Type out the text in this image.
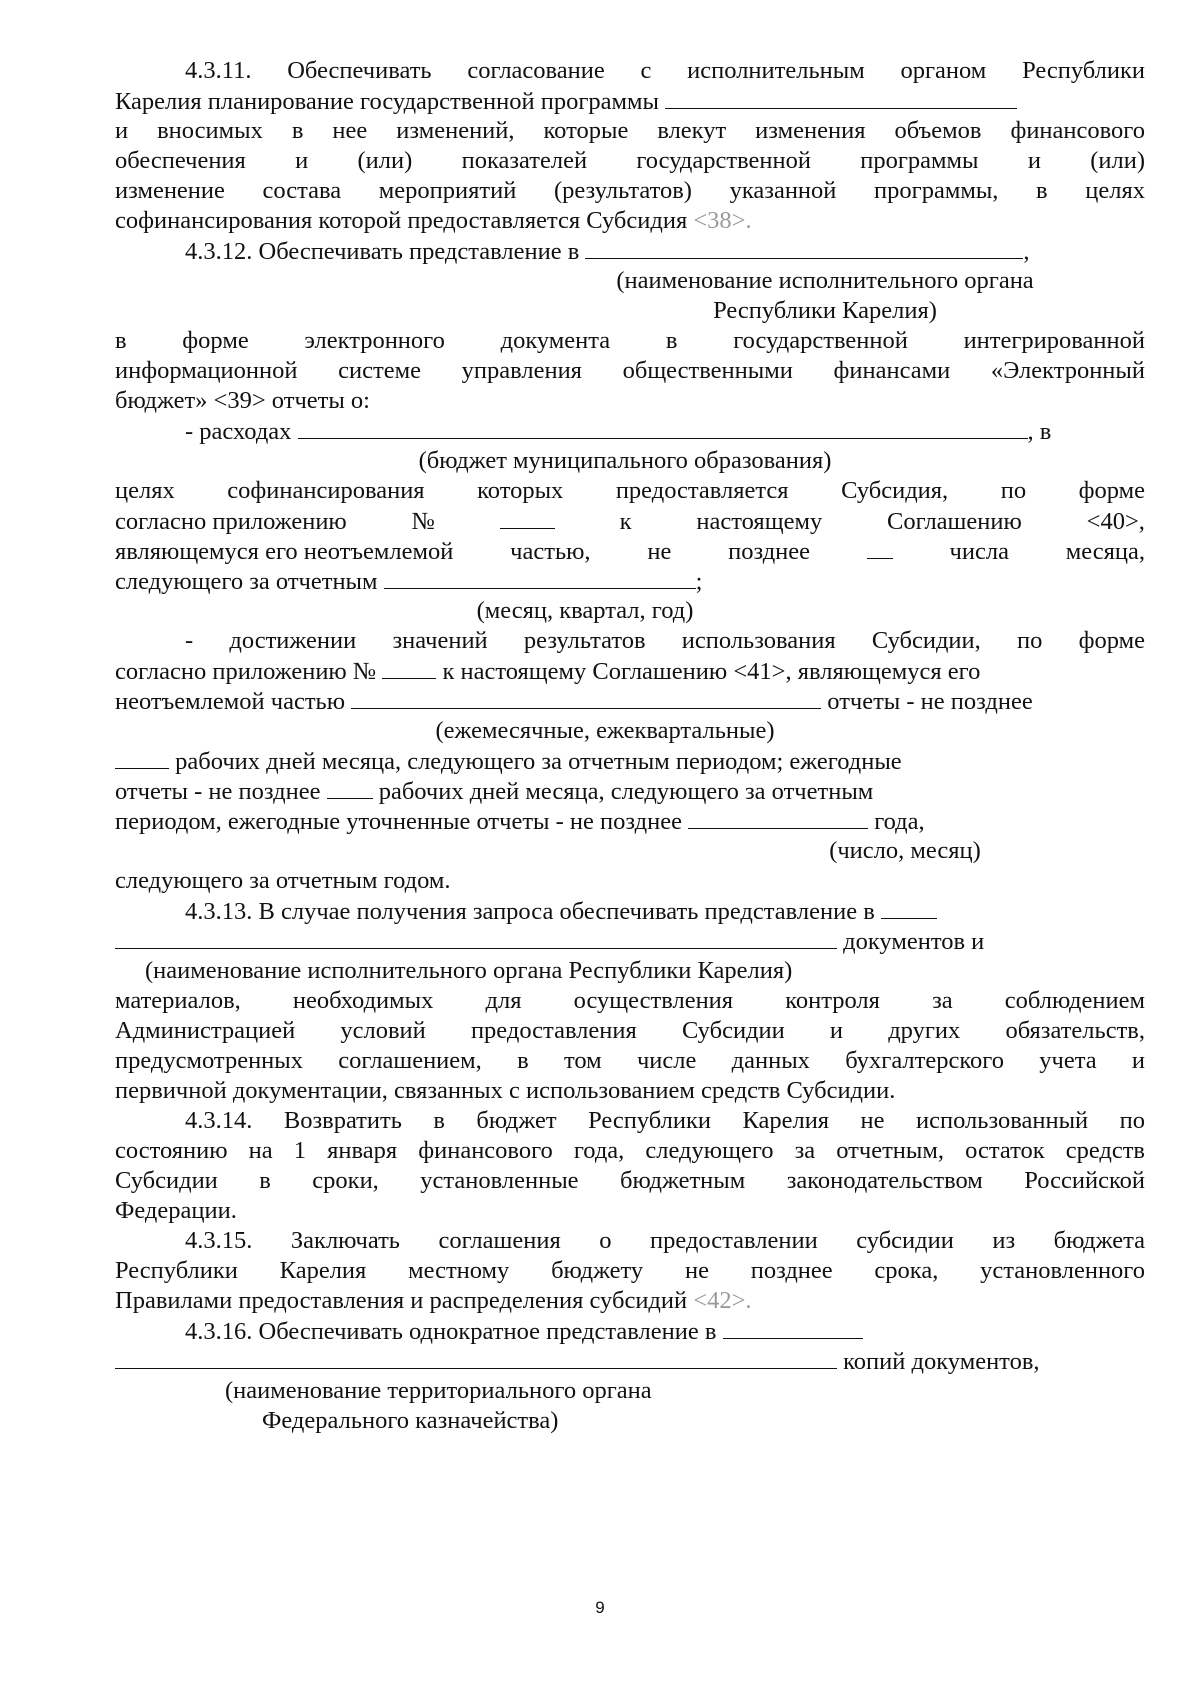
4.3.11. Обеспечивать согласование с исполнительным органом Республики
Карелия планирование государственной программы
и вносимых в нее изменений, которые влекут изменения объемов финансового
обеспечения и (или) показателей государственной программы и (или)
изменение состава мероприятий (результатов) указанной программы, в целях
софинансирования которой предоставляется Субсидия <38>.
4.3.12. Обеспечивать представление в	,
(наименование исполнительного органа
Республики Карелия)
в форме электронного документа в государственной интегрированной
информационной системе управления общественными финансами «Электронный
бюджет» <39> отчеты о:
- расходах	, в
(бюджет муниципального образования)
целях софинансирования которых предоставляется Субсидия, по форме
согласно приложению	№	к	настоящему	Соглашению	<40>,
являющемуся его неотъемлемой частью, не позднее	числа месяца,
следующего за отчетным	;
(месяц, квартал, год)
- достижении значений результатов использования Субсидии, по форме
согласно приложению №	к настоящему Соглашению <41>, являющемуся его
неотъемлемой частью	отчеты - не позднее
(ежемесячные, ежеквартальные)
рабочих дней месяца, следующего за отчетным периодом; ежегодные
отчеты - не позднее рабочих дней месяца, следующего за отчетным
периодом, ежегодные уточненные отчеты - не позднее	года,
(число, месяц)
следующего за отчетным годом.
4.3.13. В случае получения запроса обеспечивать представление в
документов и
(наименование исполнительного органа Республики Карелия)
материалов, необходимых для осуществления контроля за соблюдением
Администрацией условий предоставления Субсидии и других обязательств,
предусмотренных соглашением, в том числе данных бухгалтерского учета и
первичной документации, связанных с использованием средств Субсидии.
4.3.14. Возвратить в бюджет Республики Карелия не использованный по
состоянию на 1 января финансового года, следующего за отчетным, остаток средств
Субсидии в сроки, установленные бюджетным законодательством Российской
Федерации.
4.3.15. Заключать соглашения о предоставлении субсидии из бюджета
Республики Карелия местному бюджету не позднее срока, установленного
Правилами предоставления и распределения субсидий <42>.
4.3.16. Обеспечивать однократное представление в
копий документов,
(наименование территориального органа
Федерального казначейства)
9
